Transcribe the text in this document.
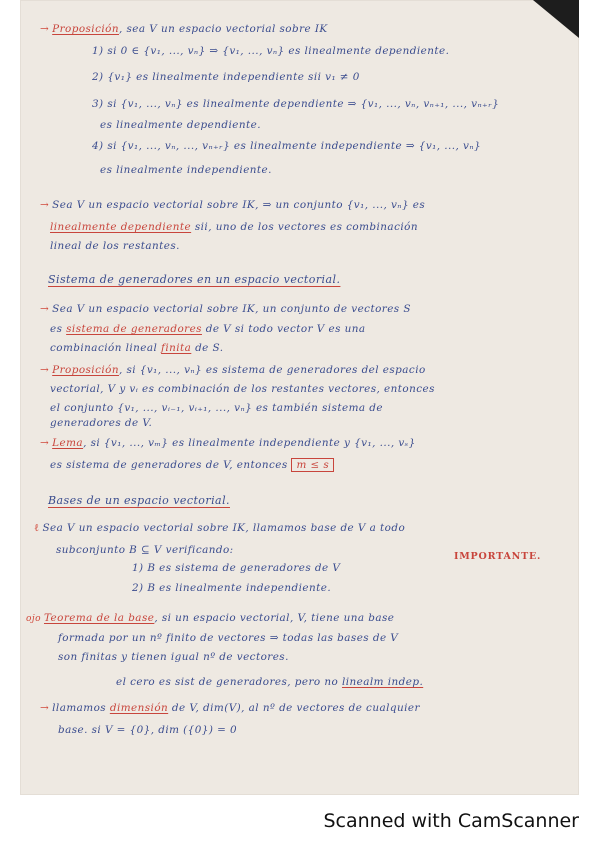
→ Proposición, sea V un espacio vectorial sobre IK
1) si 0 ∈ {v₁, ..., vₙ} ⇒ {v₁, ..., vₙ} es linealmente dependiente.
2) {v₁} es linealmente independiente sii v₁ ≠ 0
3) si {v₁, ..., vₙ} es linealmente dependiente ⇒ {v₁, ..., vₙ, vₙ₊₁, ..., vₙ₊ᵣ}
es linealmente dependiente.
4) si {v₁, ..., vₙ, ..., vₙ₊ᵣ} es linealmente independiente ⇒ {v₁, ..., vₙ}
es linealmente independiente.
→ Sea V un espacio vectorial sobre IK, ⇒ un conjunto {v₁, ..., vₙ} es
linealmente dependiente sii, uno de los vectores es combinación
lineal de los restantes.
Sistema de generadores en un espacio vectorial.
→ Sea V un espacio vectorial sobre IK, un conjunto de vectores S
es sistema de generadores de V si todo vector V es una
combinación lineal finita de S.
→ Proposición, si {v₁, ..., vₙ} es sistema de generadores del espacio
vectorial, V y vᵢ es combinación de los restantes vectores, entonces
el conjunto {v₁, ..., vᵢ₋₁, vᵢ₊₁, ..., vₙ} es también sistema de
generadores de V.
→ Lema, si {v₁, ..., vₘ} es linealmente independiente y {v₁, ..., vₛ}
es sistema de generadores de V, entonces m ≤ s
Bases de un espacio vectorial.
ℓ Sea V un espacio vectorial sobre IK, llamamos base de V a todo
subconjunto B ⊆ V verificando:
IMPORTANTE.
1) B es sistema de generadores de V
2) B es linealmente independiente.
ojo Teorema de la base, si un espacio vectorial, V, tiene una base
formada por un nº finito de vectores ⇒ todas las bases de V
son finitas y tienen igual nº de vectores.
el cero es sist de generadores, pero no linealm indep.
→ llamamos dimensión de V, dim(V), al nº de vectores de cualquier
base. si V = {0}, dim ({0}) = 0
Scanned with CamScanner
